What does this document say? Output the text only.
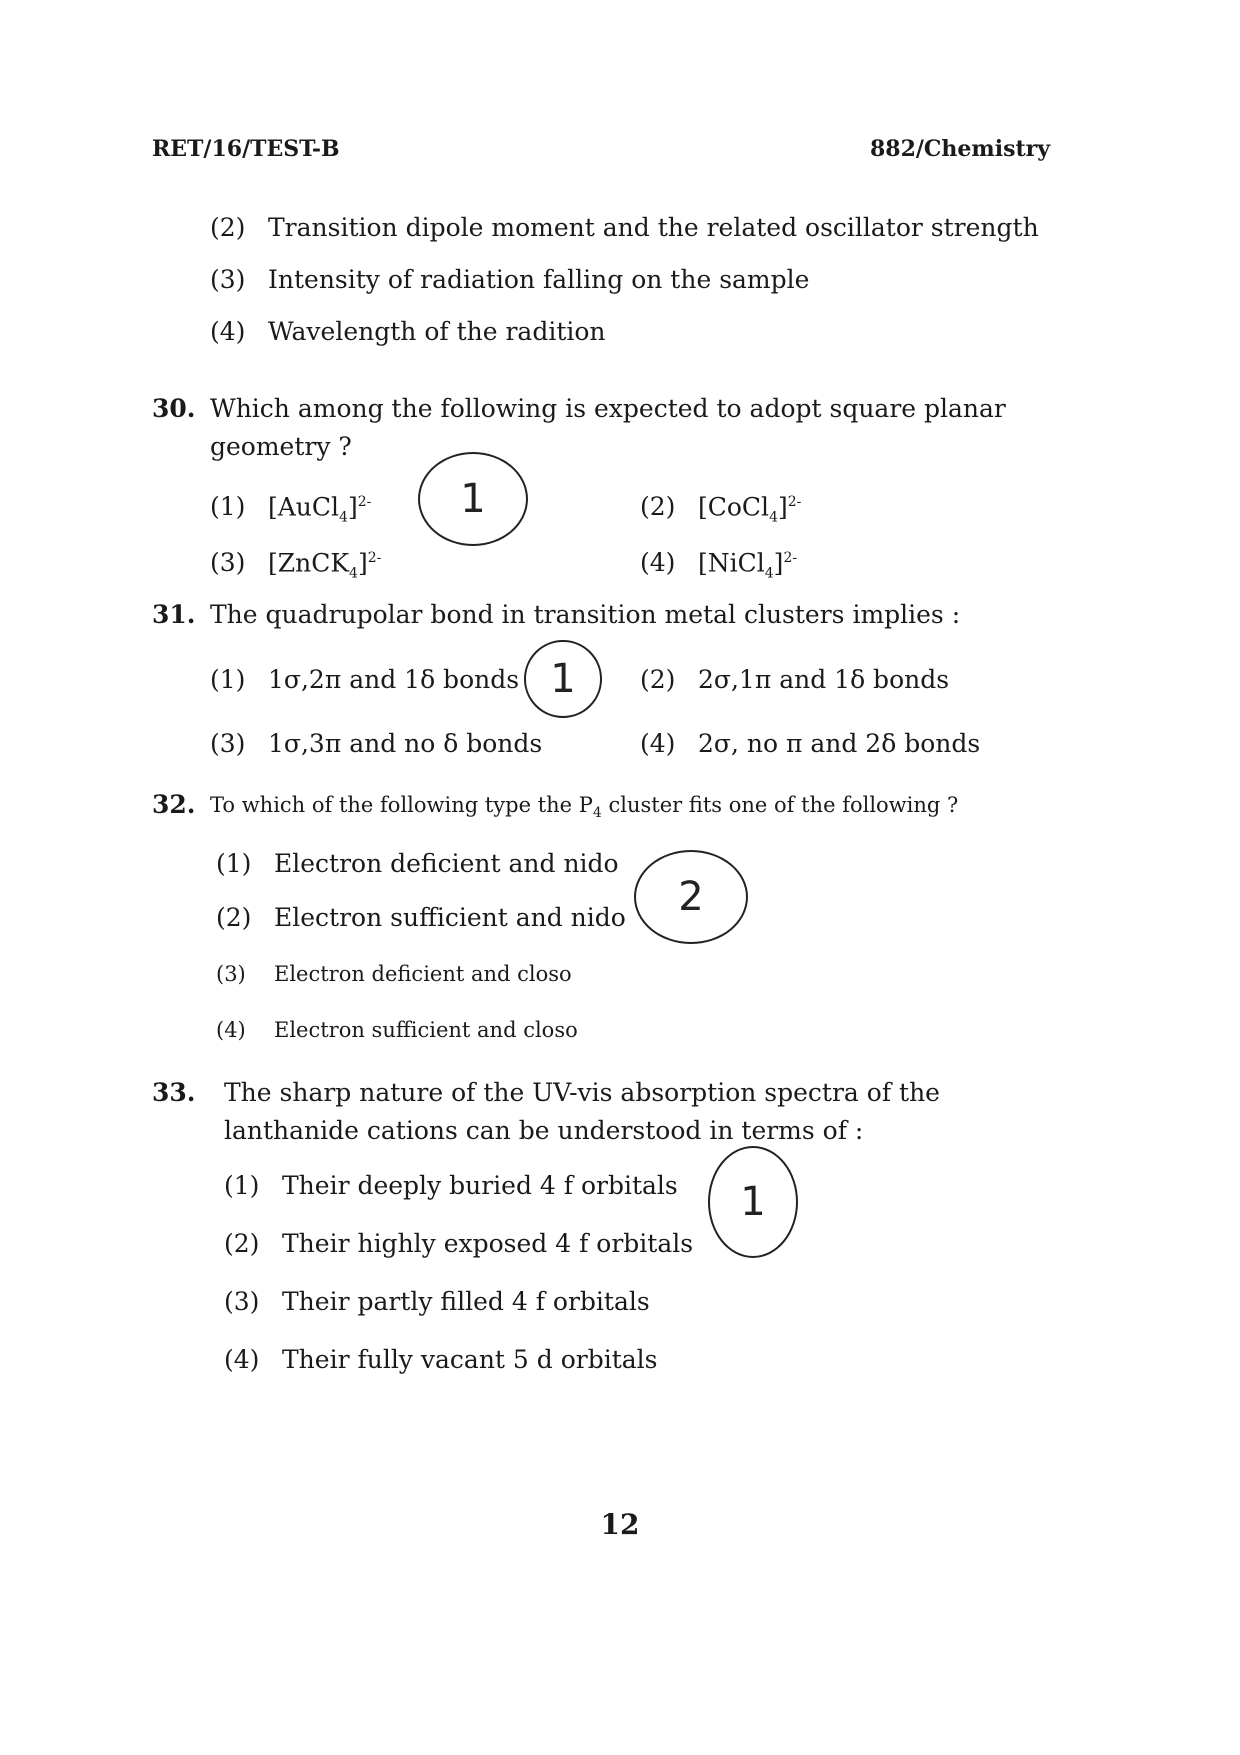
RET/16/TEST-B	882/Chemistry
(2) Transition dipole moment and the related oscillator strength
(3) Intensity of radiation falling on the sample
(4) Wavelength of the radition
30. Which among the following is expected to adopt square planar geometry ?
(1) [AuCl$_4$]$^{2-}$	(2) [CoCl$_4$]$^{2-}$
(3) [ZnCK$_4$]$^{2-}$	(4) [NiCl$_4$]$^{2-}$
1
31. The quadrupolar bond in transition metal clusters implies :
(1) 1σ,2π and 1δ bonds	(2) 2σ,1π and 1δ bonds
(3) 1σ,3π and no δ bonds	(4) 2σ, no π and 2δ bonds
1
32. To which of the following type the $P_4$ cluster fits one of the following ?
(1) Electron deficient and nido
(2) Electron sufficient and nido
(3) Electron deficient and closo
(4) Electron sufficient and closo
2
33.	The sharp nature of the UV-vis absorption spectra of the lanthanide cations can be understood in terms of :
(1) Their deeply buried 4 f orbitals
(2) Their highly exposed 4 f orbitals
(3) Their partly filled 4 f orbitals
(4) Their fully vacant 5 d orbitals
1
12
